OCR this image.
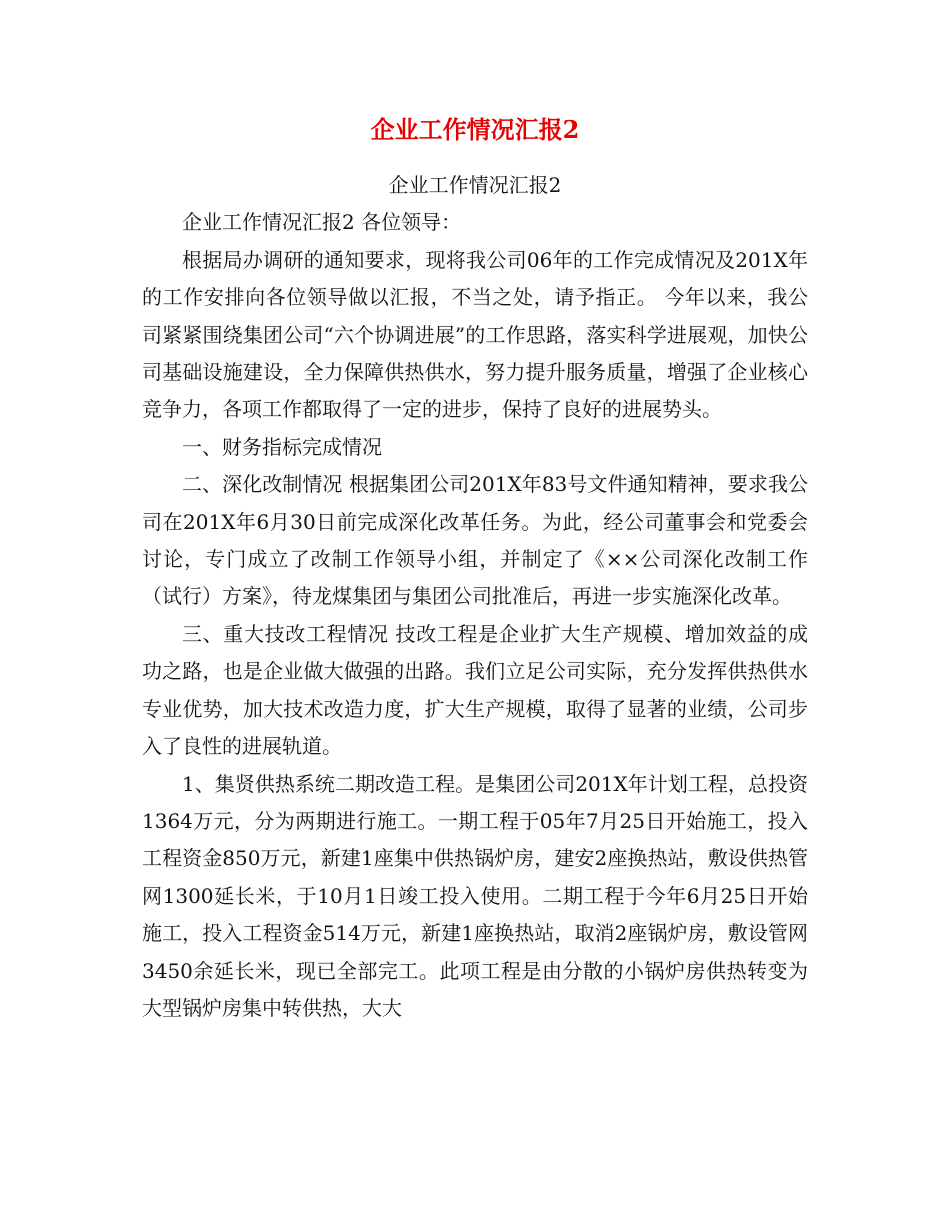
企业工作情况汇报2

企业工作情况汇报2

企业工作情况汇报2 各位领导：

根据局办调研的通知要求，现将我公司06年的工作完成情况及201X年的工作安排向各位领导做以汇报，不当之处，请予指正。 今年以来，我公司紧紧围绕集团公司“六个协调进展”的工作思路，落实科学进展观，加快公司基础设施建设，全力保障供热供水，努力提升服务质量，增强了企业核心竞争力，各项工作都取得了一定的进步，保持了良好的进展势头。

一、财务指标完成情况

二、深化改制情况 根据集团公司201X年83号文件通知精神，要求我公司在201X年6月30日前完成深化改革任务。为此，经公司董事会和党委会 讨论，专门成立了改制工作领导小组，并制定了《××公司深化改制工作（试行）方案》，待龙煤集团与集团公司批准后，再进一步实施深化改革。

三、重大技改工程情况 技改工程是企业扩大生产规模、增加效益的成功之路，也是企业做大做强的出路。我们立足公司实际，充分发挥供热供水专业优势，加大技术改造力度，扩大生产规模，取得了显著的业绩，公司步入了良性的进展轨道。

1、集贤供热系统二期改造工程。是集团公司201X年计划工程，总投资1364万元，分为两期进行施工。一期工程于05年7月25日开始施工，投入工程资金850万元，新建1座集中供热锅炉房，建安2座换热站，敷设供热管网1300延长米，于10月1日竣工投入使用。二期工程于今年6月25日开始施工，投入工程资金514万元，新建1座换热站，取消2座锅炉房，敷设管网3450余延长米，现已全部完工。此项工程是由分散的小锅炉房供热转变为大型锅炉房集中转供热，大大
